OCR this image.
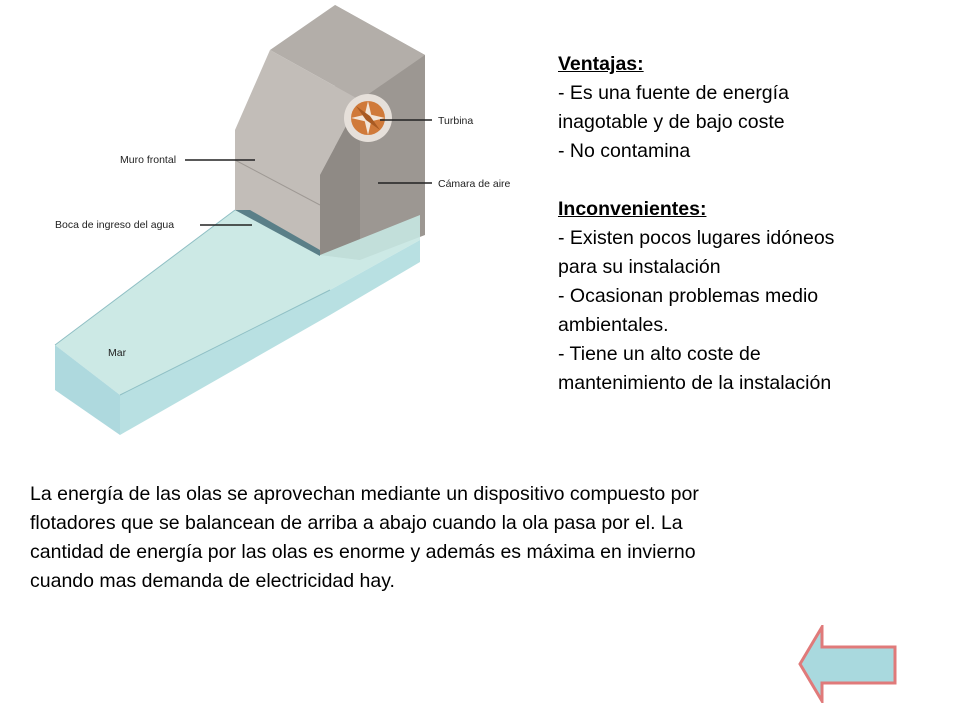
Turbina
Muro frontal
Cámara de aire
Boca de ingreso del agua
Mar
Ventajas:
- Es una fuente de energía
inagotable y de bajo coste
- No contamina
Inconvenientes:
- Existen pocos lugares idóneos
para su instalación
- Ocasionan problemas medio
ambientales.
- Tiene un alto coste de
mantenimiento de la instalación
La energía de las olas se aprovechan mediante un dispositivo compuesto por
flotadores que se balancean de arriba a abajo cuando la ola pasa por el. La
cantidad de energía por las olas es enorme y además es máxima en invierno
cuando mas demanda de electricidad hay.
